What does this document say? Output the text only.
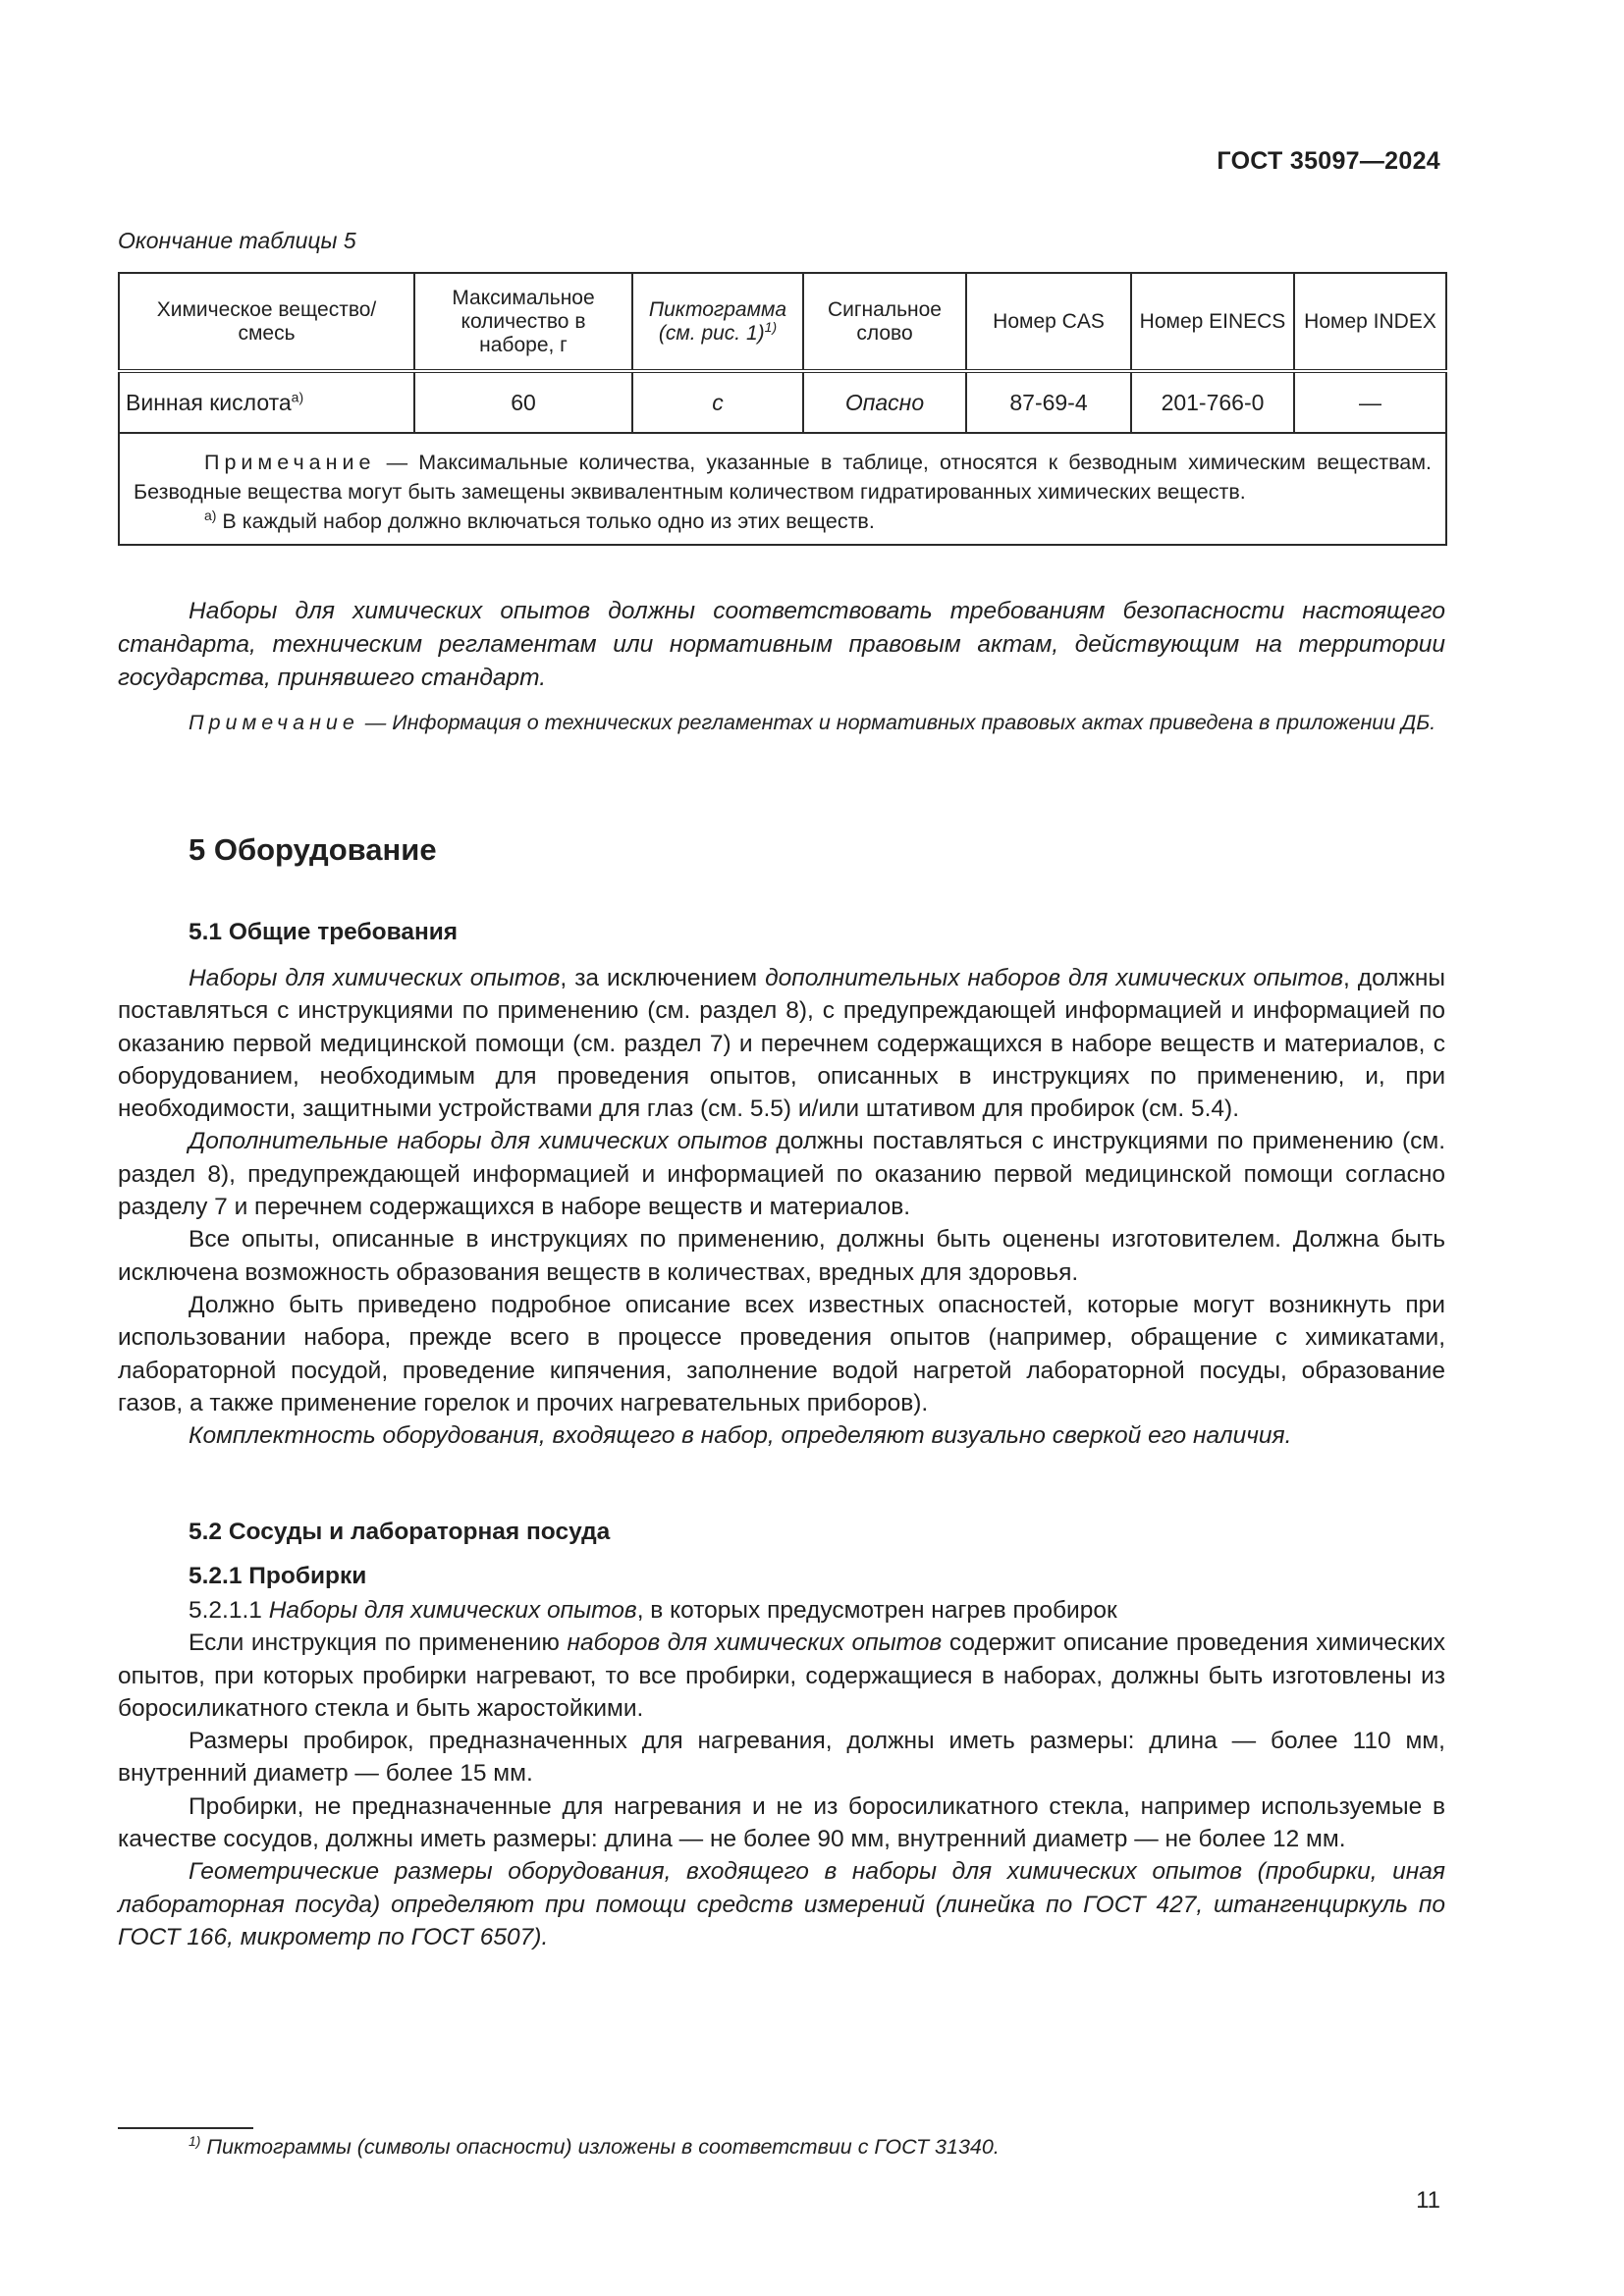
ГОСТ 35097—2024
Окончание таблицы 5
Химическое вещество/ смесь	Максимальное количество в наборе, г	Пиктограмма (см. рис. 1)$^{1)}$	Сигнальное слово	Номер CAS	Номер EINECS	Номер INDEX
Винная кислота$^{a)}$	60	c	Опасно	87-69-4	201-766-0	—

Примечание — Максимальные количества, указанные в таблице, относятся к безводным химическим веществам. Безводные вещества могут быть замещены эквивалентным количеством гидратированных химических веществ.
$^{a)}$ В каждый набор должно включаться только одно из этих веществ.						

Наборы для химических опытов должны соответствовать требованиям безопасности настоящего стандарта, техническим регламентам или нормативным правовым актам, действующим на территории государства, принявшего стандарт.

Примечание — Информация о технических регламентах и нормативных правовых актах приведена в приложении ДБ.

5 Оборудование
5.1 Общие требования

Наборы для химических опытов, за исключением дополнительных наборов для химических опытов, должны поставляться с инструкциями по применению (см. раздел 8), с предупреждающей информацией и информацией по оказанию первой медицинской помощи (см. раздел 7) и перечнем содержащихся в наборе веществ и материалов, с оборудованием, необходимым для проведения опытов, описанных в инструкциях по применению, и, при необходимости, защитными устройствами для глаз (см. 5.5) и/или штативом для пробирок (см. 5.4).

Дополнительные наборы для химических опытов должны поставляться с инструкциями по применению (см. раздел 8), предупреждающей информацией и информацией по оказанию первой медицинской помощи согласно разделу 7 и перечнем содержащихся в наборе веществ и материалов.

Все опыты, описанные в инструкциях по применению, должны быть оценены изготовителем. Должна быть исключена возможность образования веществ в количествах, вредных для здоровья.

Должно быть приведено подробное описание всех известных опасностей, которые могут возникнуть при использовании набора, прежде всего в процессе проведения опытов (например, обращение с химикатами, лабораторной посудой, проведение кипячения, заполнение водой нагретой лабораторной посуды, образование газов, а также применение горелок и прочих нагревательных приборов).

Комплектность оборудования, входящего в набор, определяют визуально сверкой его наличия.

5.2 Сосуды и лабораторная посуда
5.2.1 Пробирки

5.2.1.1 Наборы для химических опытов, в которых предусмотрен нагрев пробирок

Если инструкция по применению наборов для химических опытов содержит описание проведения химических опытов, при которых пробирки нагревают, то все пробирки, содержащиеся в наборах, должны быть изготовлены из боросиликатного стекла и быть жаростойкими.

Размеры пробирок, предназначенных для нагревания, должны иметь размеры: длина — более 110 мм, внутренний диаметр — более 15 мм.

Пробирки, не предназначенные для нагревания и не из боросиликатного стекла, например используемые в качестве сосудов, должны иметь размеры: длина — не более 90 мм, внутренний диаметр — не более 12 мм.

Геометрические размеры оборудования, входящего в наборы для химических опытов (пробирки, иная лабораторная посуда) определяют при помощи средств измерений (линейка по ГОСТ 427, штангенциркуль по ГОСТ 166, микрометр по ГОСТ 6507).

$^{1)}$ Пиктограммы (символы опасности) изложены в соответствии с ГОСТ 31340.
11
